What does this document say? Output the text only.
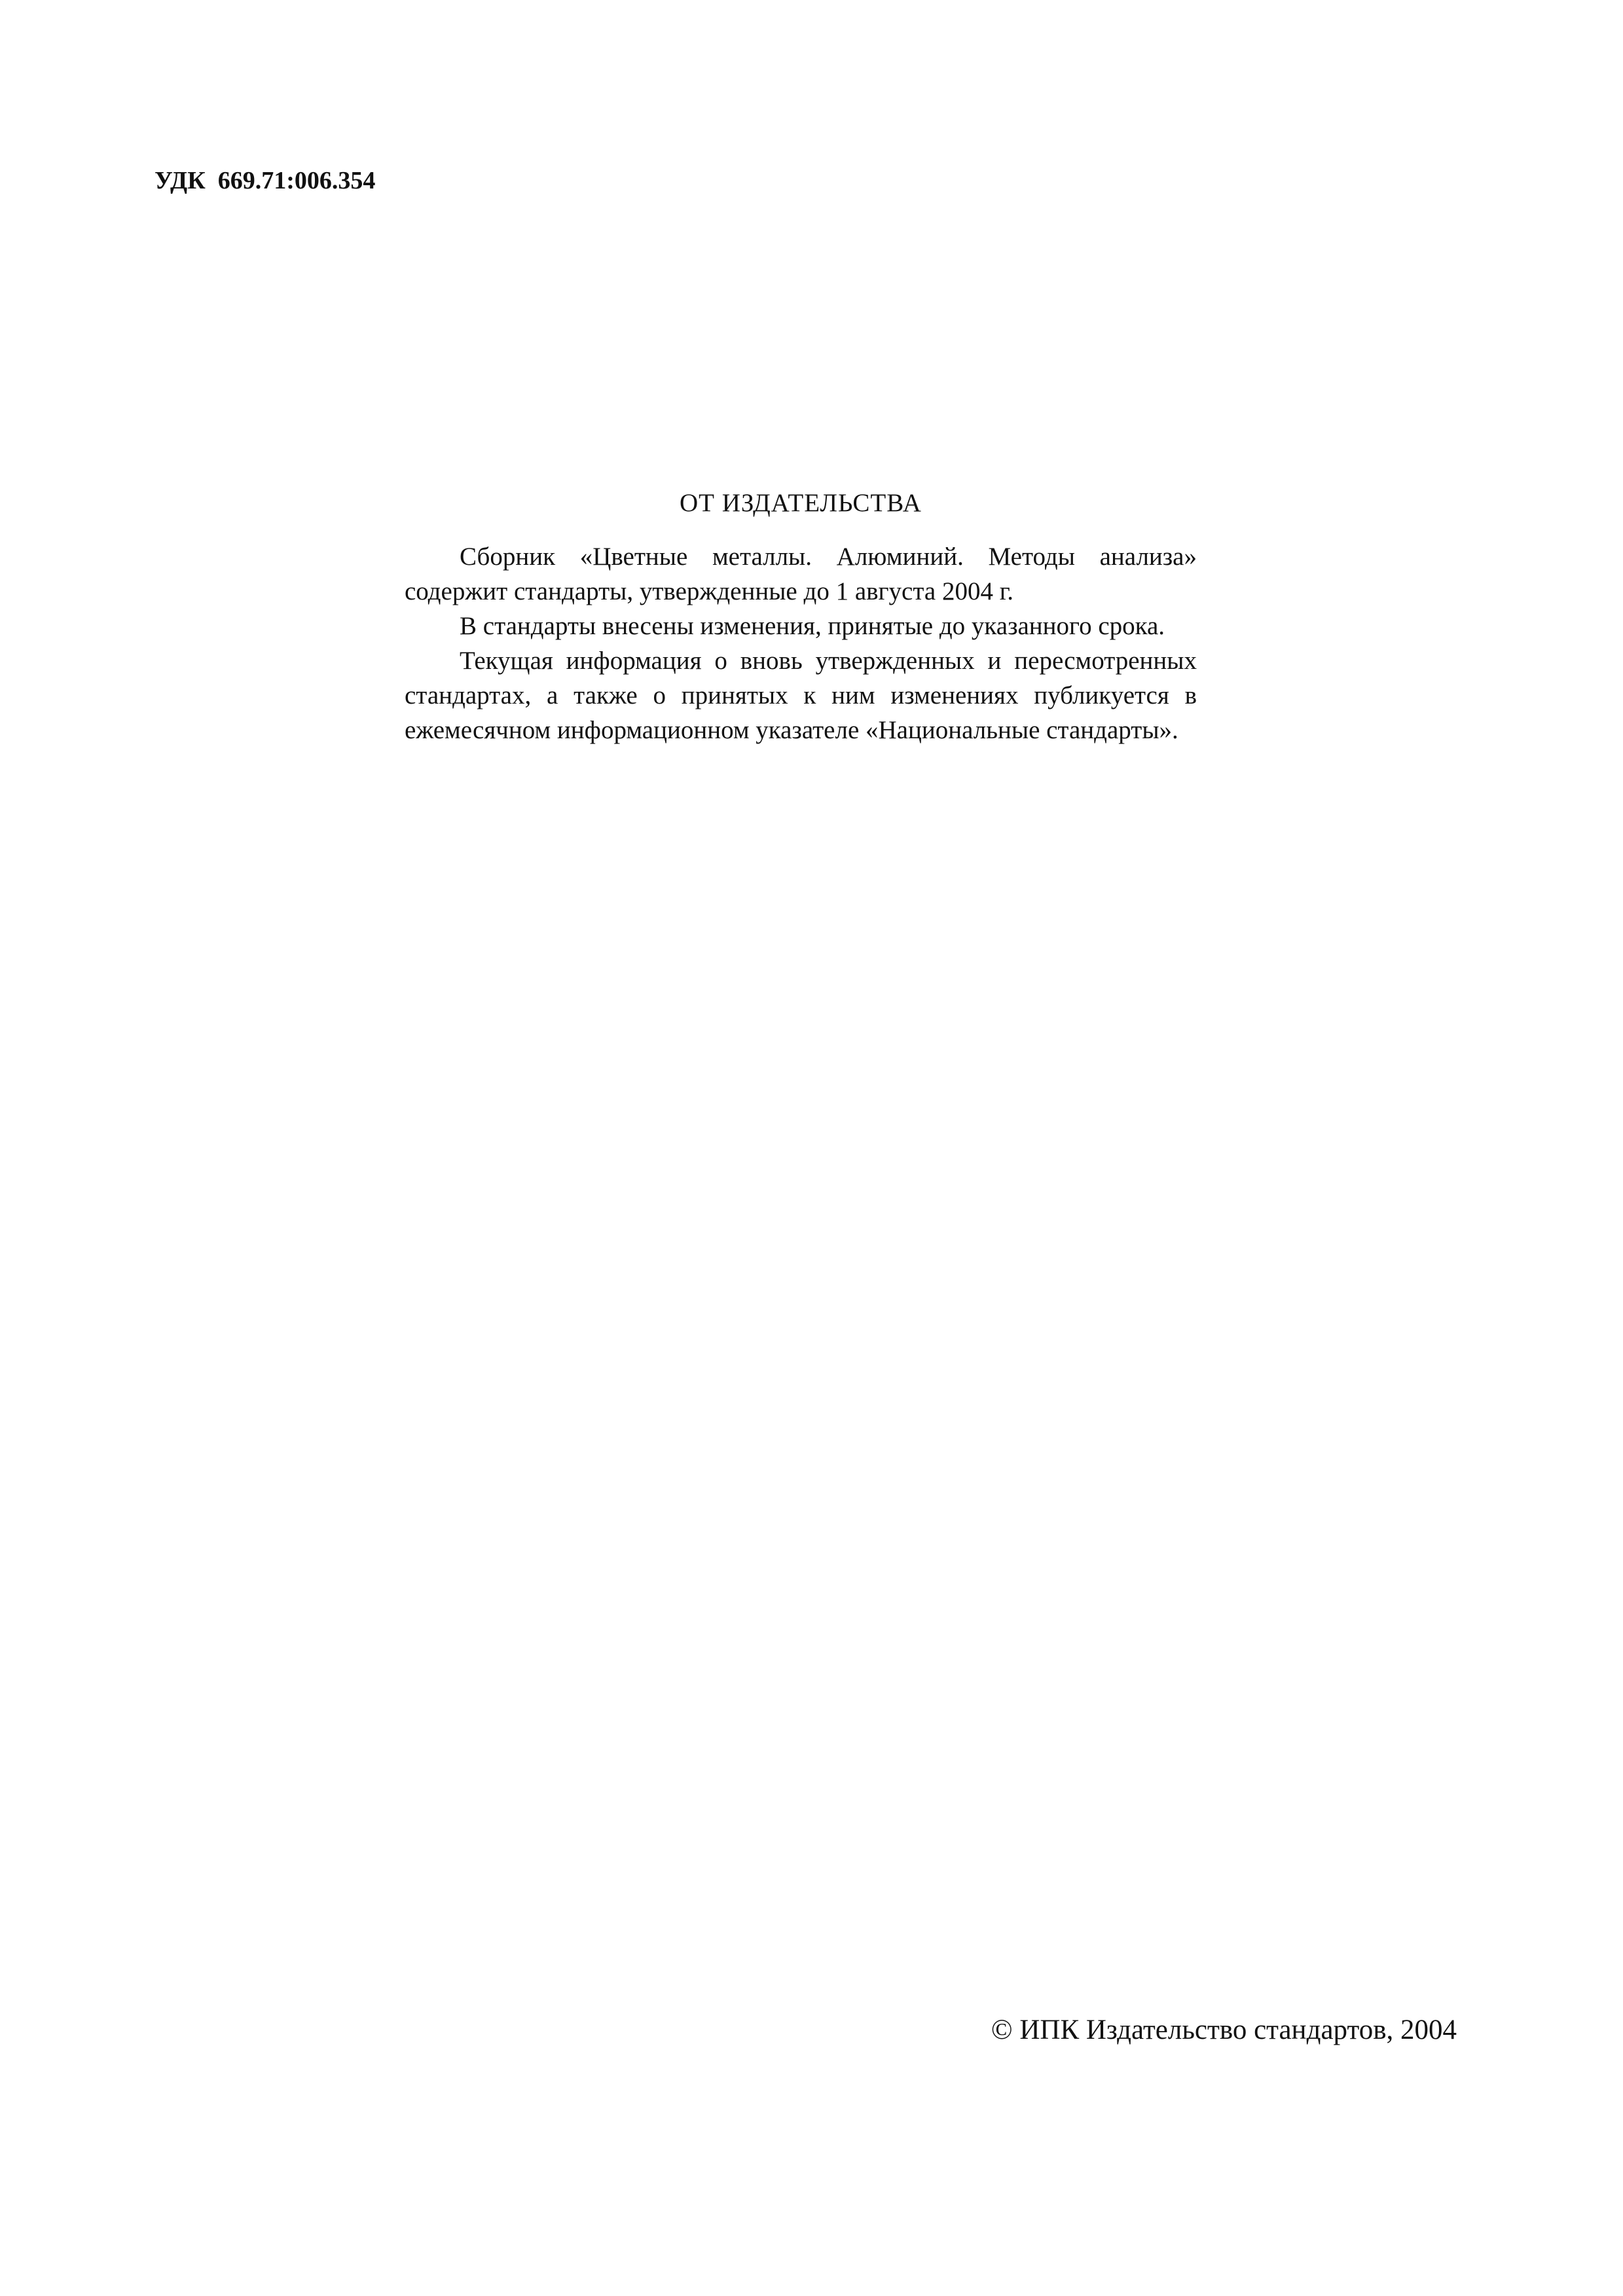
УДК  669.71:006.354
ОТ ИЗДАТЕЛЬСТВА

Сборник «Цветные металлы. Алюминий. Методы анализа» содержит стандарты, утвержденные до 1 августа 2004 г.

В стандарты внесены изменения, принятые до указанного срока.

Текущая информация о вновь утвержденных и пересмотренных стандартах, а также о принятых к ним изменениях публикуется в ежемесячном информационном указателе «Национальные стандарты».

© ИПК Издательство стандартов, 2004
